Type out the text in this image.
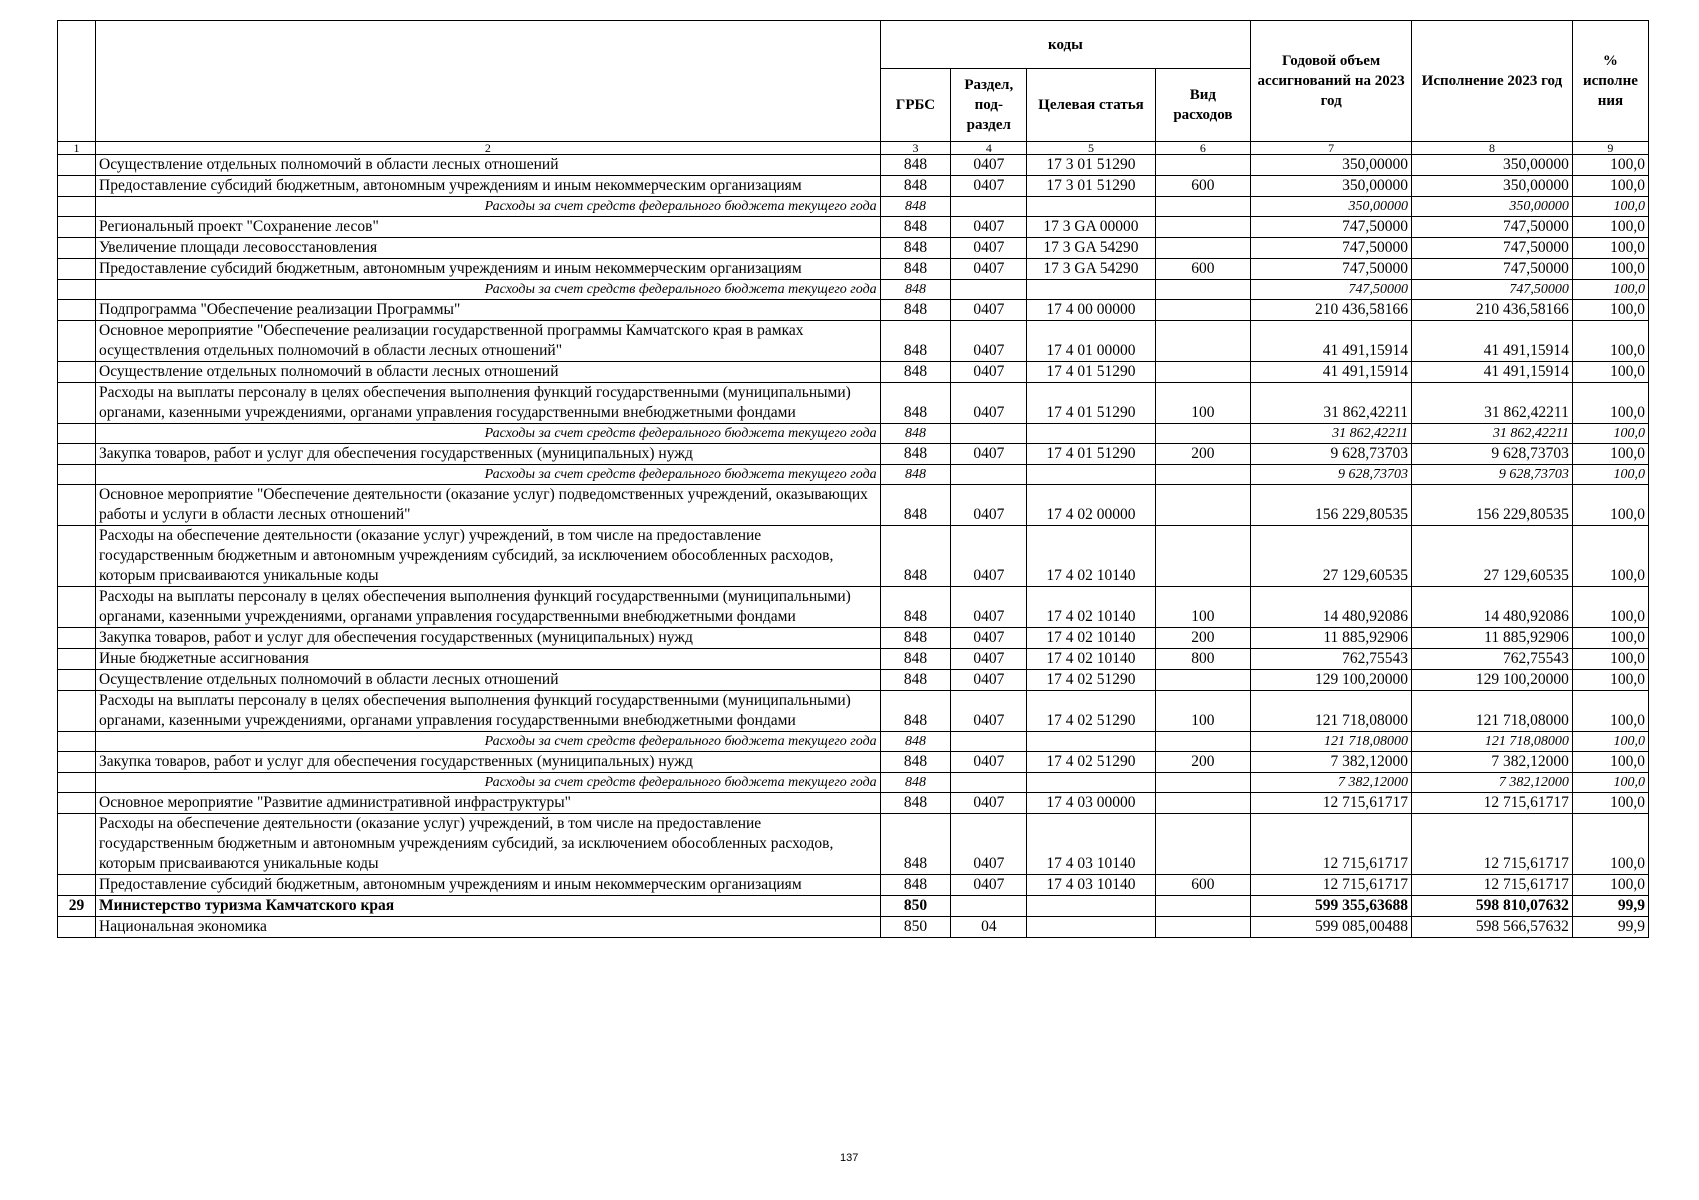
		коды				Годовой объем ассигнований на 2023 год	Исполнение 2023 год	% исполне ния
		ГРБС	Раздел, под-раздел	Целевая статья	Вид расходов			
1	2	3	4	5	6	7	8	9
	Осуществление отдельных полномочий в области лесных отношений	848	0407	17 3 01 51290		350,00000	350,00000	100,0
	Предоставление субсидий бюджетным, автономным учреждениям и иным некоммерческим организациям	848	0407	17 3 01 51290	600	350,00000	350,00000	100,0
	Расходы за счет средств федерального бюджета текущего года	848				350,00000	350,00000	100,0
	Региональный проект "Сохранение лесов"	848	0407	17 3 GA 00000		747,50000	747,50000	100,0
	Увеличение площади лесовосстановления	848	0407	17 3 GA 54290		747,50000	747,50000	100,0
	Предоставление субсидий бюджетным, автономным учреждениям и иным некоммерческим организациям	848	0407	17 3 GA 54290	600	747,50000	747,50000	100,0
	Расходы за счет средств федерального бюджета текущего года	848				747,50000	747,50000	100,0
	Подпрограмма "Обеспечение реализации Программы"	848	0407	17 4 00 00000		210 436,58166	210 436,58166	100,0
	Основное мероприятие "Обеспечение реализации государственной программы Камчатского края в рамках осуществления отдельных полномочий в области лесных отношений"	848	0407	17 4 01 00000		41 491,15914	41 491,15914	100,0
	Осуществление отдельных полномочий в области лесных отношений	848	0407	17 4 01 51290		41 491,15914	41 491,15914	100,0
	Расходы на выплаты персоналу в целях обеспечения выполнения функций государственными (муниципальными) органами, казенными учреждениями, органами управления государственными внебюджетными фондами	848	0407	17 4 01 51290	100	31 862,42211	31 862,42211	100,0
	Расходы за счет средств федерального бюджета текущего года	848				31 862,42211	31 862,42211	100,0
	Закупка товаров, работ и услуг для обеспечения государственных (муниципальных) нужд	848	0407	17 4 01 51290	200	9 628,73703	9 628,73703	100,0
	Расходы за счет средств федерального бюджета текущего года	848				9 628,73703	9 628,73703	100,0
	Основное мероприятие "Обеспечение деятельности (оказание услуг) подведомственных учреждений, оказывающих работы и услуги в области лесных отношений"	848	0407	17 4 02 00000		156 229,80535	156 229,80535	100,0
	Расходы на обеспечение деятельности (оказание услуг) учреждений, в том числе на предоставление государственным бюджетным и автономным учреждениям субсидий, за исключением обособленных расходов, которым присваиваются уникальные коды	848	0407	17 4 02 10140		27 129,60535	27 129,60535	100,0
	Расходы на выплаты персоналу в целях обеспечения выполнения функций государственными (муниципальными) органами, казенными учреждениями, органами управления государственными внебюджетными фондами	848	0407	17 4 02 10140	100	14 480,92086	14 480,92086	100,0
	Закупка товаров, работ и услуг для обеспечения государственных (муниципальных) нужд	848	0407	17 4 02 10140	200	11 885,92906	11 885,92906	100,0
	Иные бюджетные ассигнования	848	0407	17 4 02 10140	800	762,75543	762,75543	100,0
	Осуществление отдельных полномочий в области лесных отношений	848	0407	17 4 02 51290		129 100,20000	129 100,20000	100,0
	Расходы на выплаты персоналу в целях обеспечения выполнения функций государственными (муниципальными) органами, казенными учреждениями, органами управления государственными внебюджетными фондами	848	0407	17 4 02 51290	100	121 718,08000	121 718,08000	100,0
	Расходы за счет средств федерального бюджета текущего года	848				121 718,08000	121 718,08000	100,0
	Закупка товаров, работ и услуг для обеспечения государственных (муниципальных) нужд	848	0407	17 4 02 51290	200	7 382,12000	7 382,12000	100,0
	Расходы за счет средств федерального бюджета текущего года	848				7 382,12000	7 382,12000	100,0
	Основное мероприятие "Развитие административной инфраструктуры"	848	0407	17 4 03 00000		12 715,61717	12 715,61717	100,0
	Расходы на обеспечение деятельности (оказание услуг) учреждений, в том числе на предоставление государственным бюджетным и автономным учреждениям субсидий, за исключением обособленных расходов, которым присваиваются уникальные коды	848	0407	17 4 03 10140		12 715,61717	12 715,61717	100,0
	Предоставление субсидий бюджетным, автономным учреждениям и иным некоммерческим организациям	848	0407	17 4 03 10140	600	12 715,61717	12 715,61717	100,0
29	Министерство туризма Камчатского края	850				599 355,63688	598 810,07632	99,9
	Национальная экономика	850	04			599 085,00488	598 566,57632	99,9
137
